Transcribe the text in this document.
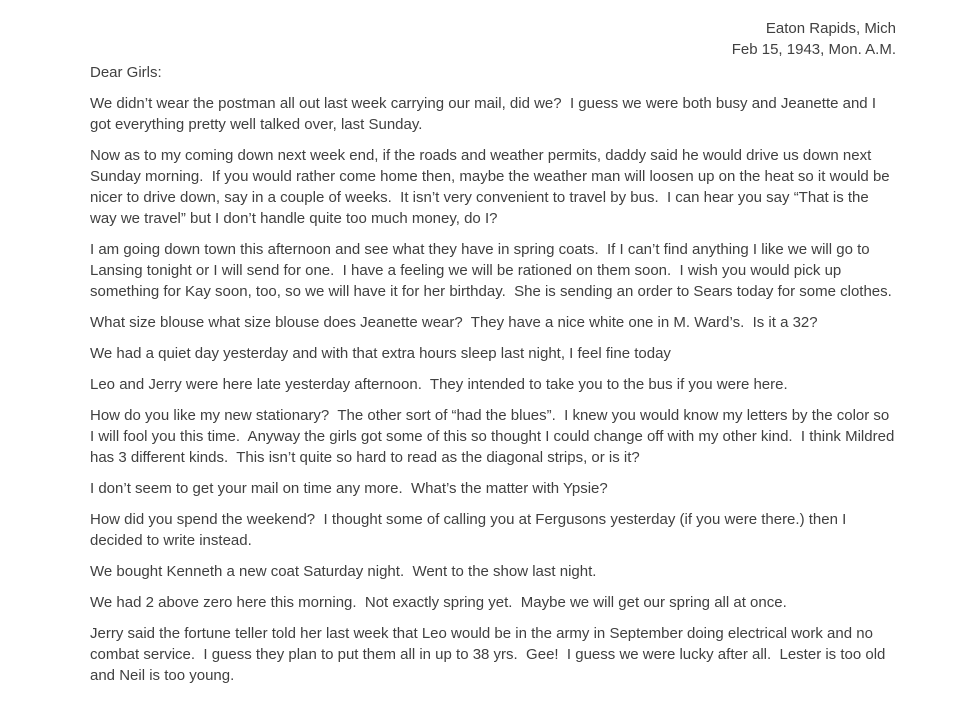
Eaton Rapids, Mich
Feb 15, 1943, Mon. A.M.

Dear Girls:

We didn’t wear the postman all out last week carrying our mail, did we?  I guess we were both busy and Jeanette and I got everything pretty well talked over, last Sunday.

Now as to my coming down next week end, if the roads and weather permits, daddy said he would drive us down next Sunday morning.  If you would rather come home then, maybe the weather man will loosen up on the heat so it would be nicer to drive down, say in a couple of weeks.  It isn’t very convenient to travel by bus.  I can hear you say “That is the way we travel” but I don’t handle quite too much money, do I?

I am going down town this afternoon and see what they have in spring coats.  If I can’t find anything I like we will go to Lansing tonight or I will send for one.  I have a feeling we will be rationed on them soon.  I wish you would pick up something for Kay soon, too, so we will have it for her birthday.  She is sending an order to Sears today for some clothes.

What size blouse what size blouse does Jeanette wear?  They have a nice white one in M. Ward’s.  Is it a 32?

We had a quiet day yesterday and with that extra hours sleep last night, I feel fine today

Leo and Jerry were here late yesterday afternoon.  They intended to take you to the bus if you were here.

How do you like my new stationary?  The other sort of “had the blues”.  I knew you would know my letters by the color so I will fool you this time.  Anyway the girls got some of this so thought I could change off with my other kind.  I think Mildred has 3 different kinds.  This isn’t quite so hard to read as the diagonal strips, or is it?

I don’t seem to get your mail on time any more.  What’s the matter with Ypsie?

How did you spend the weekend?  I thought some of calling you at Fergusons yesterday (if you were there.) then I decided to write instead.

We bought Kenneth a new coat Saturday night.  Went to the show last night.

We had 2 above zero here this morning.  Not exactly spring yet.  Maybe we will get our spring all at once.

Jerry said the fortune teller told her last week that Leo would be in the army in September doing electrical work and no combat service.  I guess they plan to put them all in up to 38 yrs.  Gee!  I guess we were lucky after all.  Lester is too old and Neil is too young.
